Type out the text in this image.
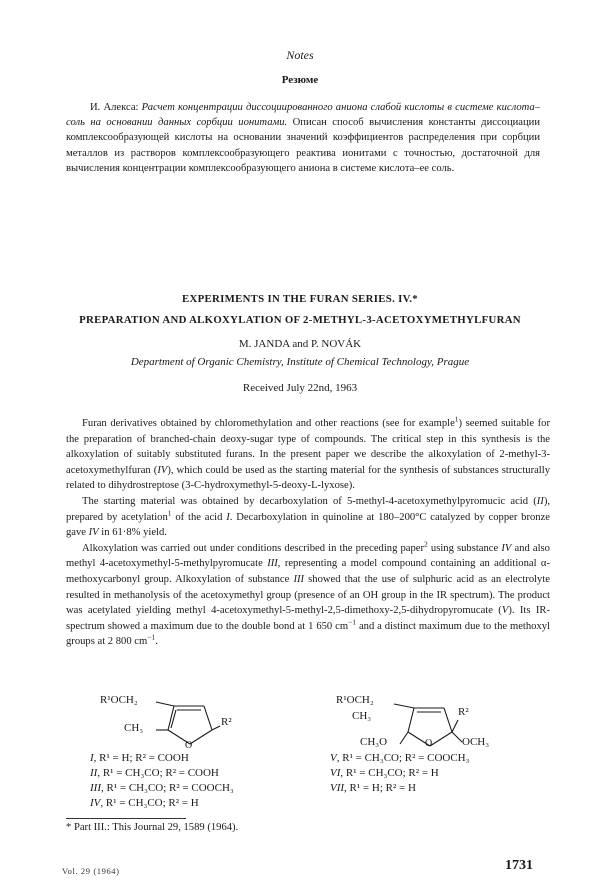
Notes
Резюме
И. Алекса: Расчет концентрации диссоциированного аниона слабой кислоты в системе кислота–соль на основании данных сорбции ионитами. Описан способ вычисления константы диссоциации комплексообразующей кислоты на основании значений коэффициентов распределения при сорбции металлов из растворов комплексообразующего реактива ионитами с точностью, достаточной для вычисления концентрации комплексообразующего аниона в системе кислота–ее соль.
EXPERIMENTS IN THE FURAN SERIES. IV.*
PREPARATION AND ALKOXYLATION OF 2-METHYL-3-ACETOXYMETHYLFURAN
M. JANDA and P. NOVÁK
Department of Organic Chemistry, Institute of Chemical Technology, Prague
Received July 22nd, 1963

Furan derivatives obtained by chloromethylation and other reactions (see for example$^1$) seemed suitable for the preparation of branched-chain deoxy-sugar type of compounds. The critical step in this synthesis is the alkoxylation of suitably substituted furans. In the present paper we describe the alkoxylation of 2-methyl-3-acetoxymethylfuran (IV), which could be used as the starting material for the synthesis of substances structurally related to dihydrostreptose (3-C-hydroxymethyl-5-deoxy-L-lyxose).

The starting material was obtained by decarboxylation of 5-methyl-4-acetoxymethylpyromucic acid (II), prepared by acetylation$^1$ of the acid I. Decarboxylation in quinoline at 180–200°C catalyzed by copper bronze gave IV in 61·8% yield.

Alkoxylation was carried out under conditions described in the preceding paper$^2$ using substance IV and also methyl 4-acetoxymethyl-5-methylpyromucate III, representing a model compound containing an additional α-methoxycarbonyl group. Alkoxylation of substance III showed that the use of sulphuric acid as an electrolyte resulted in methanolysis of the acetoxymethyl group (presence of an OH group in the IR spectrum). The product was acetylated yielding methyl 4-acetoxymethyl-5-methyl-2,5-dimethoxy-2,5-dihydropyromucate (V). Its IR-spectrum showed a maximum due to the double bond at 1 650 $cm^{-1}$ and a distinct maximum due to the methoxyl groups at 2 800 $cm^{-1}$.

R¹OCH₂
CH₃
O
R²
R¹OCH₂
CH₃
CH₃O	O	OCH₃
R²
I, R¹ = H; R² = COOH
II, R¹ = CH₃CO; R² = COOH
III, R¹ = CH₃CO; R² = COOCH₃
IV, R¹ = CH₃CO; R² = H
V, R¹ = CH₃CO; R² = COOCH₃
VI, R¹ = CH₃CO; R² = H
VII, R¹ = H; R² = H
* Part III.: This Journal 29, 1589 (1964).
Vol. 29 (1964)	1731
